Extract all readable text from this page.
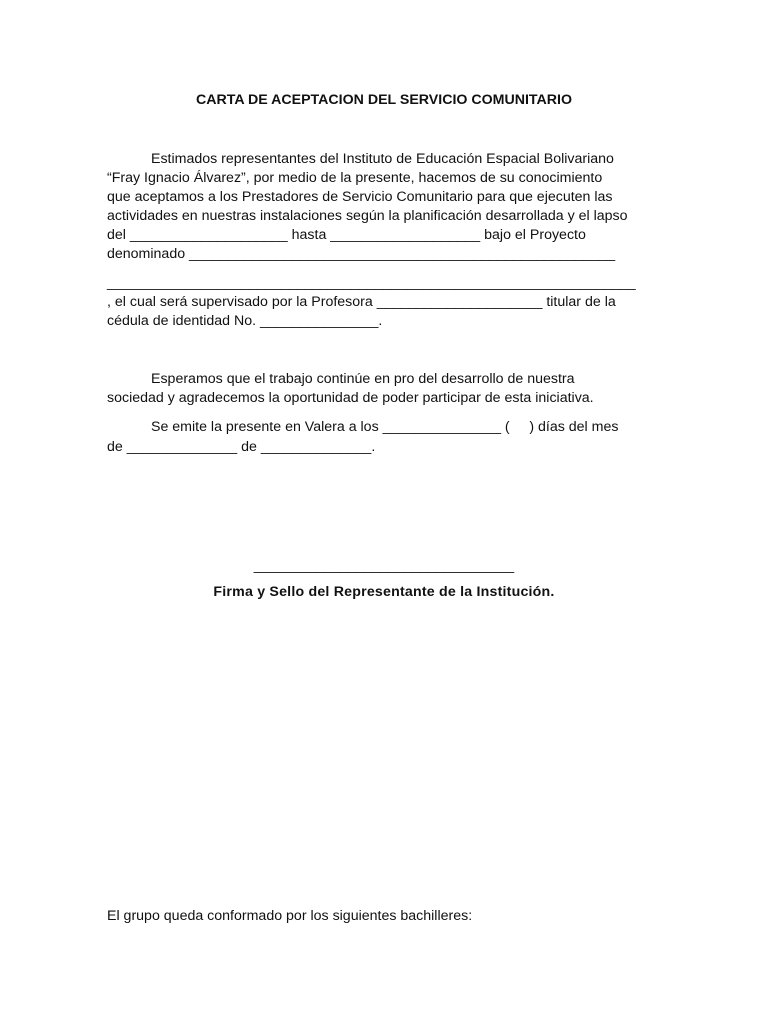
CARTA DE ACEPTACION DEL SERVICIO COMUNITARIO

Estimados representantes del Instituto de Educación Espacial Bolivariano

“Fray Ignacio Álvarez”, por medio de la presente, hacemos de su conocimiento

que aceptamos a los Prestadores de Servicio Comunitario para que ejecuten las

actividades en nuestras instalaciones según la planificación desarrollada y el lapso

del ____________________ hasta ___________________ bajo el Proyecto

denominado ______________________________________________________

___________________________________________________________________

, el cual será supervisado por la Profesora _____________________ titular de la

cédula de identidad No. _______________.

Esperamos que el trabajo continúe en pro del desarrollo de nuestra

sociedad y agradecemos la oportunidad de poder participar de esta iniciativa.

Se emite la presente en Valera a los _______________ (     ) días del mes

de ______________ de ______________.

_________________________________

Firma y Sello del Representante de la Institución.

El grupo queda conformado por los siguientes bachilleres:
